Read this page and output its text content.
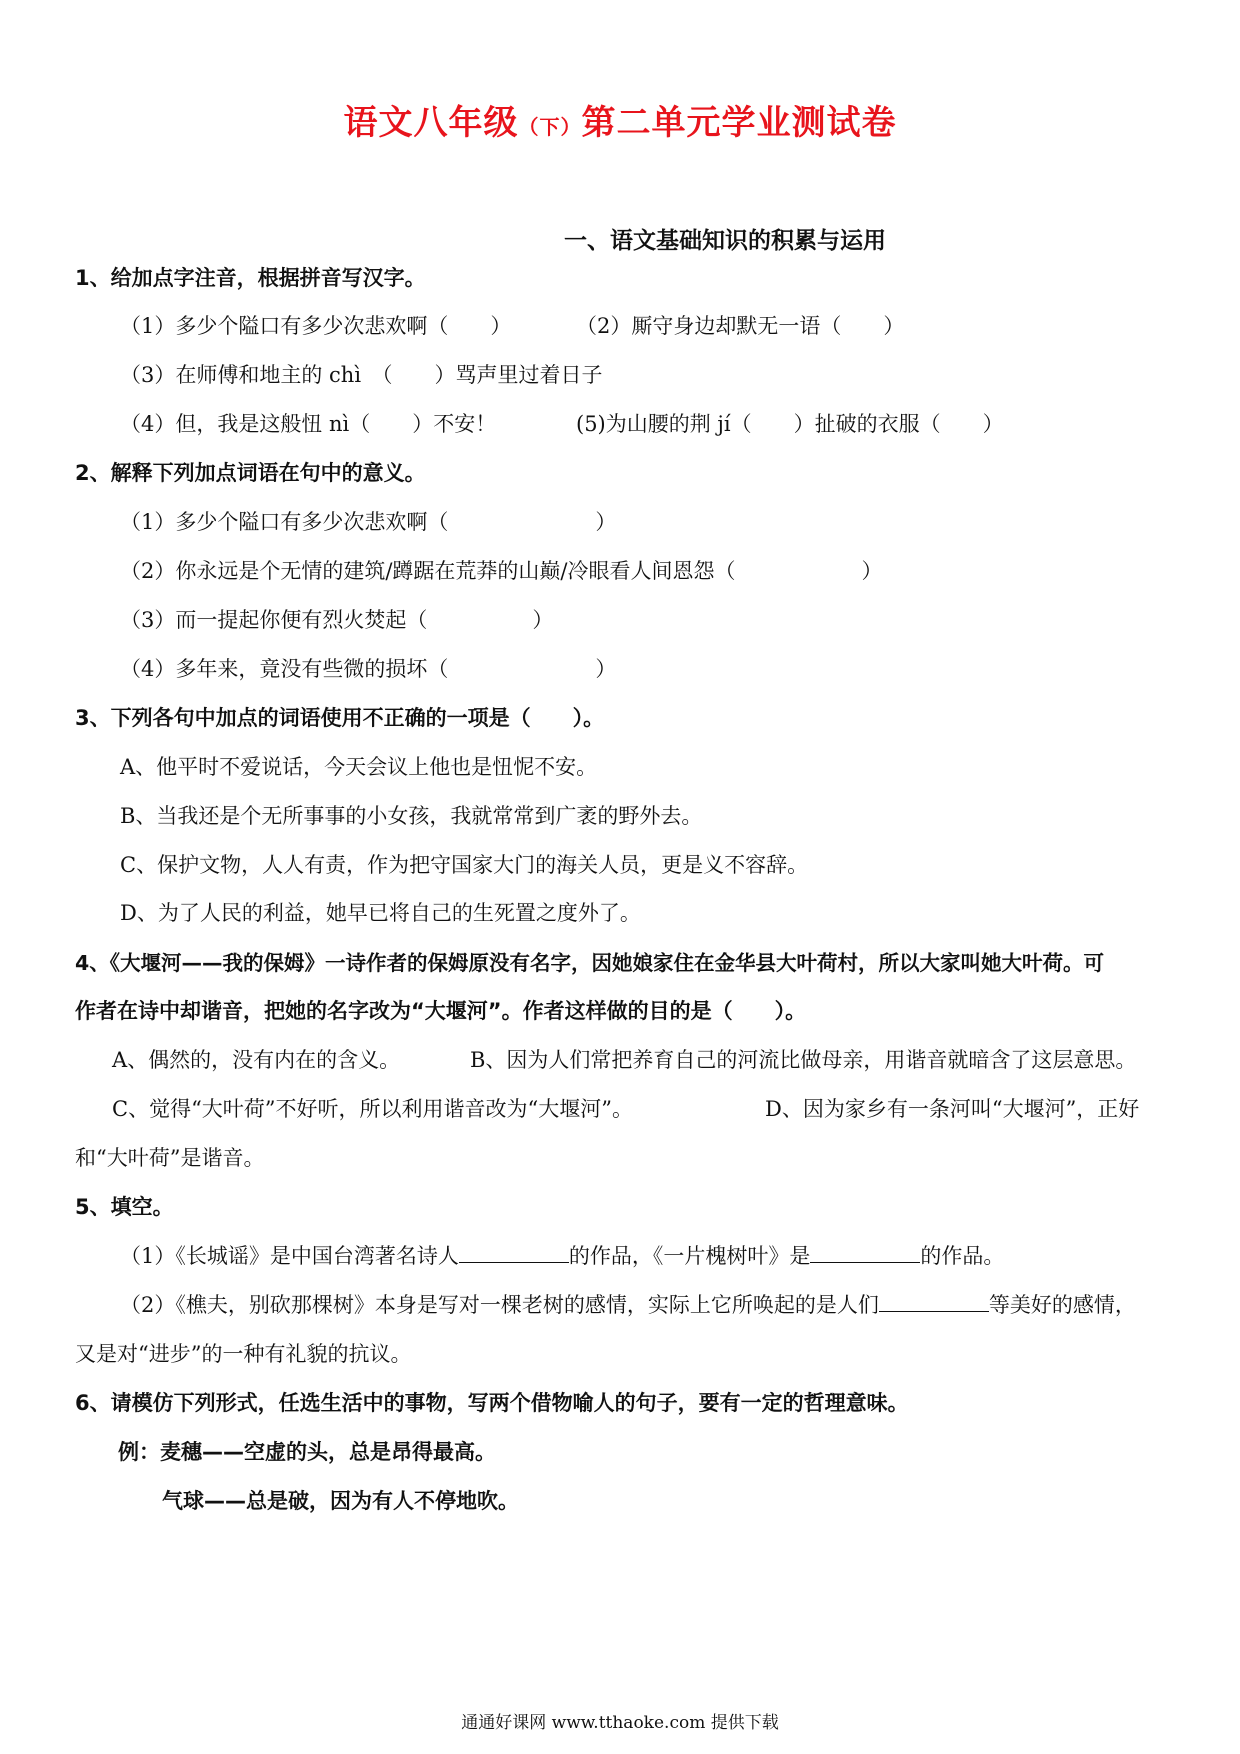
语文八年级（下）第二单元学业测试卷
一、语文基础知识的积累与运用
1、给加点字注音，根据拼音写汉字。
（1）多少个隘口有多少次悲欢啊（　　）	（2）厮守身边却默无一语（　　）
（3）在师傅和地主的 chì　（　　）骂声里过着日子
（4）但，我是这般忸 nì（　　）不安！	(5)为山腰的荆 jí（　　）扯破的衣服（　　）
2、解释下列加点词语在句中的意义。
（1）多少个隘口有多少次悲欢啊（　　　　　　　）
（2）你永远是个无情的建筑/蹲踞在荒莽的山巅/冷眼看人间恩怨（　　　　　　）
（3）而一提起你便有烈火焚起（　　　　　）
（4）多年来，竟没有些微的损坏（　　　　　　　）
3、下列各句中加点的词语使用不正确的一项是（　　）。
A、他平时不爱说话，今天会议上他也是忸怩不安。
B、当我还是个无所事事的小女孩，我就常常到广袤的野外去。
C、保护文物，人人有责，作为把守国家大门的海关人员，更是义不容辞。
D、为了人民的利益，她早已将自己的生死置之度外了。
4、《大堰河——我的保姆》一诗作者的保姆原没有名字，因她娘家住在金华县大叶荷村，所以大家叫她大叶荷。可
作者在诗中却谐音，把她的名字改为“大堰河”。作者这样做的目的是（　　）。
A、偶然的，没有内在的含义。	B、因为人们常把养育自己的河流比做母亲，用谐音就暗含了这层意思。
C、觉得“大叶荷”不好听，所以利用谐音改为“大堰河”。	D、因为家乡有一条河叫“大堰河”，正好
和“大叶荷”是谐音。
5、填空。
（1）《长城谣》是中国台湾著名诗人	的作品，《一片槐树叶》是	的作品。
（2）《樵夫，别砍那棵树》本身是写对一棵老树的感情，实际上它所唤起的是人们	等美好的感情，
又是对“进步”的一种有礼貌的抗议。
6、请模仿下列形式，任选生活中的事物，写两个借物喻人的句子，要有一定的哲理意味。
例：麦穗——空虚的头，总是昂得最高。
气球——总是破，因为有人不停地吹。
通通好课网 www.tthaoke.com 提供下载
